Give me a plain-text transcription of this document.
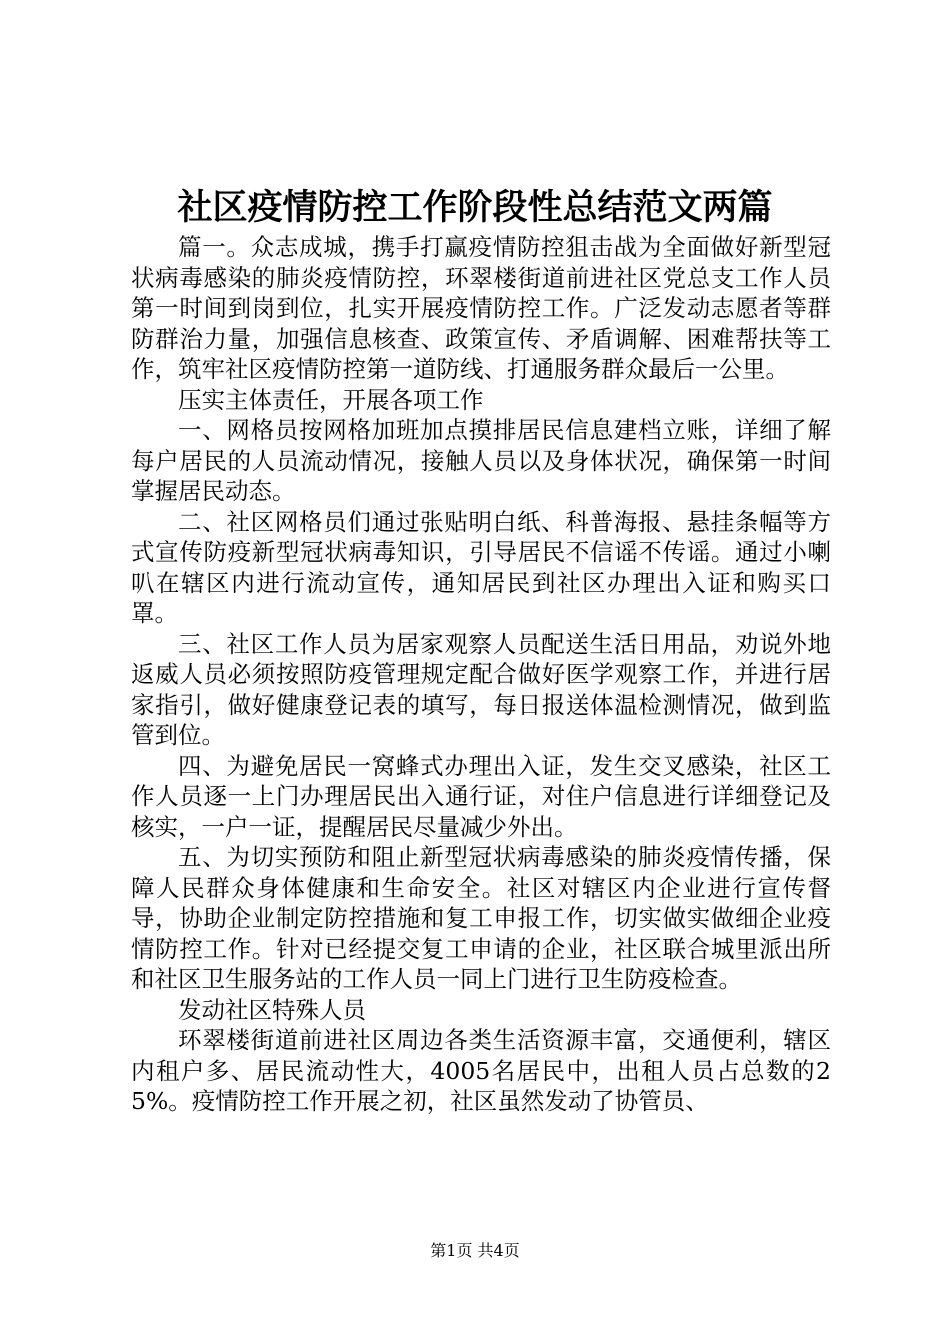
社区疫情防控工作阶段性总结范文两篇

篇一。众志成城，携手打赢疫情防控狙击战为全面做好新型冠状病毒感染的肺炎疫情防控，环翠楼街道前进社区党总支工作人员第一时间到岗到位，扎实开展疫情防控工作。广泛发动志愿者等群防群治力量，加强信息核查、政策宣传、矛盾调解、困难帮扶等工作，筑牢社区疫情防控第一道防线、打通服务群众最后一公里。

压实主体责任，开展各项工作

一、网格员按网格加班加点摸排居民信息建档立账，详细了解每户居民的人员流动情况，接触人员以及身体状况，确保第一时间掌握居民动态。

二、社区网格员们通过张贴明白纸、科普海报、悬挂条幅等方式宣传防疫新型冠状病毒知识，引导居民不信谣不传谣。通过小喇叭在辖区内进行流动宣传，通知居民到社区办理出入证和购买口罩。

三、社区工作人员为居家观察人员配送生活日用品，劝说外地返威人员必须按照防疫管理规定配合做好医学观察工作，并进行居家指引，做好健康登记表的填写，每日报送体温检测情况，做到监管到位。

四、为避免居民一窝蜂式办理出入证，发生交叉感染，社区工作人员逐一上门办理居民出入通行证，对住户信息进行详细登记及核实，一户一证，提醒居民尽量减少外出。

五、为切实预防和阻止新型冠状病毒感染的肺炎疫情传播，保障人民群众身体健康和生命安全。社区对辖区内企业进行宣传督导，协助企业制定防控措施和复工申报工作，切实做实做细企业疫情防控工作。针对已经提交复工申请的企业，社区联合城里派出所和社区卫生服务站的工作人员一同上门进行卫生防疫检查。

发动社区特殊人员

环翠楼街道前进社区周边各类生活资源丰富，交通便利，辖区内租户多、居民流动性大，4005名居民中，出租人员占总数的25%。疫情防控工作开展之初，社区虽然发动了协管员、

第1页 共4页
